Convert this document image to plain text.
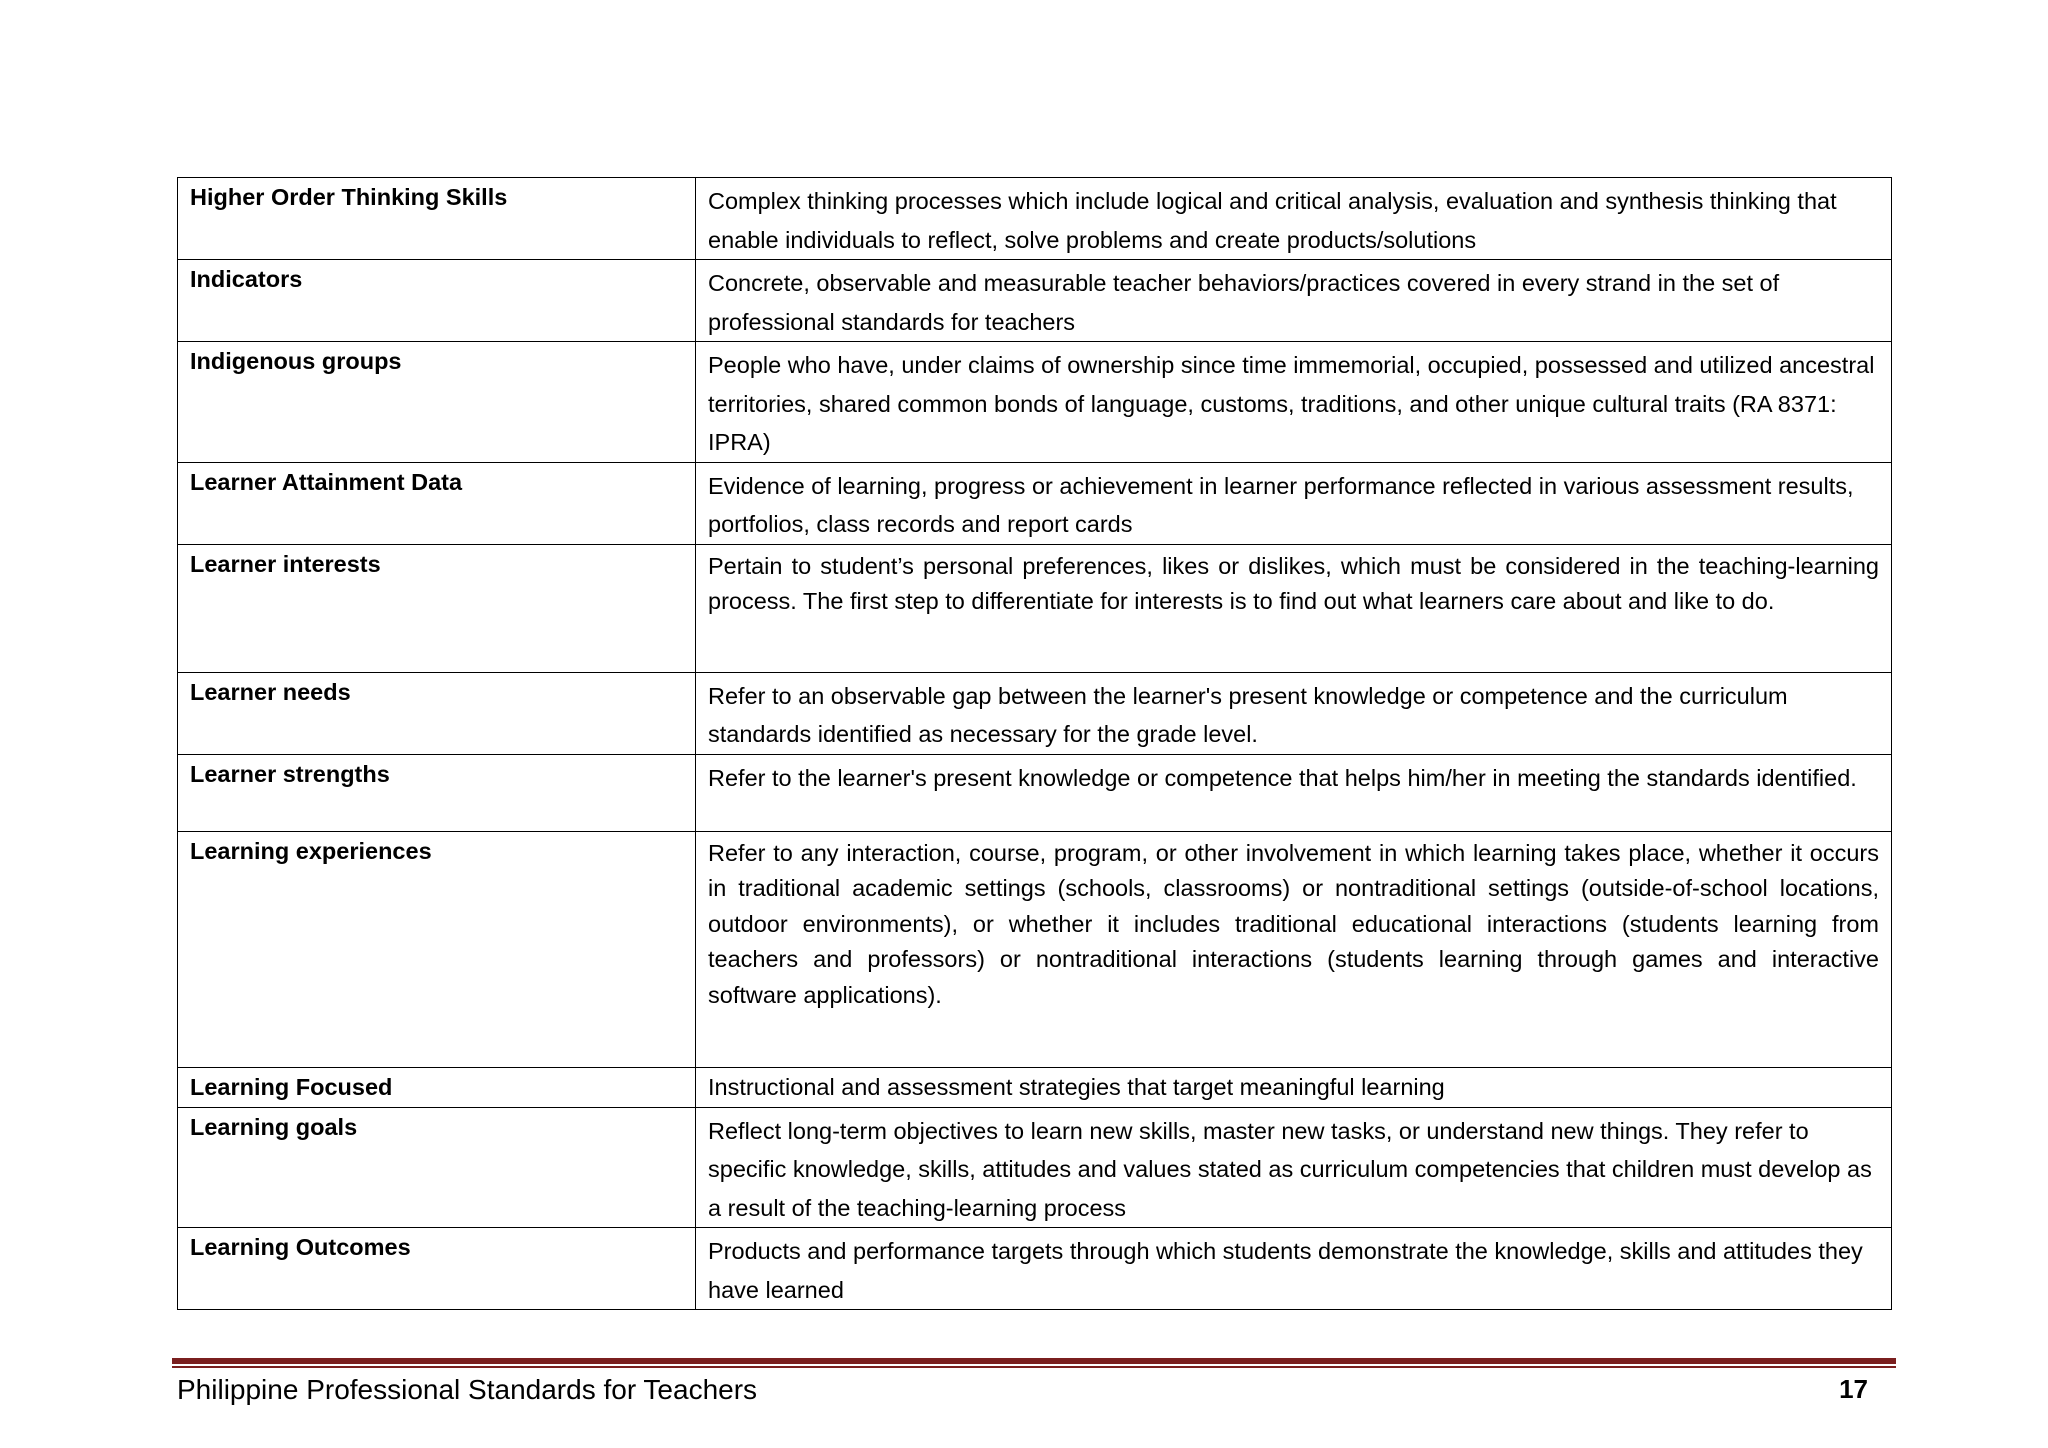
Higher Order Thinking Skills	Complex thinking processes which include logical and critical analysis, evaluation and synthesis thinking that enable individuals to reflect, solve problems and create products/solutions
Indicators	Concrete, observable and measurable teacher behaviors/practices covered in every strand in the set of professional standards for teachers
Indigenous groups	People who have, under claims of ownership since time immemorial, occupied, possessed and utilized ancestral territories, shared common bonds of language, customs, traditions, and other unique cultural traits (RA 8371: IPRA)
Learner Attainment Data	Evidence of learning, progress or achievement in learner performance reflected in various assessment results, portfolios, class records and report cards
Learner interests	Pertain to student’s personal preferences, likes or dislikes, which must be considered in the teaching-learning process. The first step to differentiate for interests is to find out what learners care about and like to do.
Learner needs	Refer to an observable gap between the learner's present knowledge or competence and the curriculum standards identified as necessary for the grade level.
Learner strengths	Refer to the learner's present knowledge or competence that helps him/her in meeting the standards identified.
Learning experiences	Refer to any interaction, course, program, or other involvement in which learning takes place, whether it occurs in traditional academic settings (schools, classrooms) or nontraditional settings (outside-of-school locations, outdoor environments), or whether it includes traditional educational interactions (students learning from teachers and professors) or nontraditional interactions (students learning through games and interactive software applications).
Learning Focused	Instructional and assessment strategies that target meaningful learning
Learning goals	Reflect long-term objectives to learn new skills, master new tasks, or understand new things. They refer to specific knowledge, skills, attitudes and values stated as curriculum competencies that children must develop as a result of the teaching-learning process
Learning Outcomes	Products and performance targets through which students demonstrate the knowledge, skills and attitudes they have learned
Philippine Professional Standards for Teachers	17
